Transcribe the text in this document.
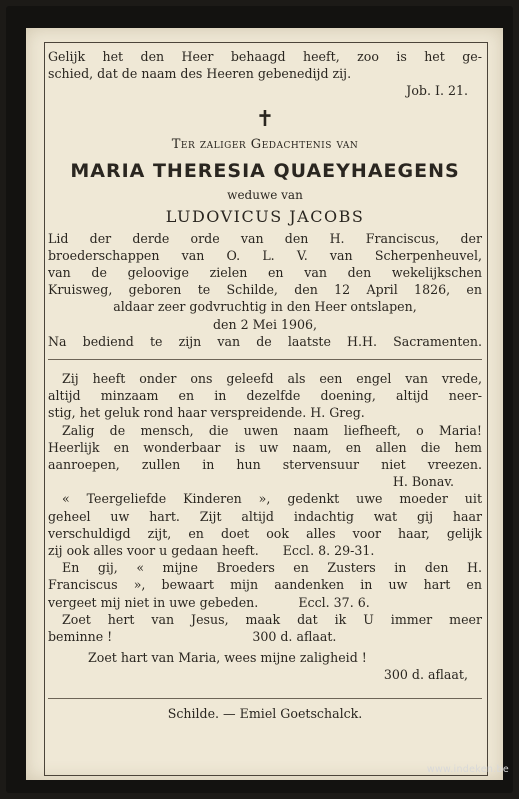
Gelijk het den Heer behaagd heeft, zoo is het ge-
schied, dat de naam des Heeren gebenedijd zij.
Job. I. 21.
✝
Ter zaliger Gedachtenis van
MARIA THERESIA QUAEYHAEGENS
weduwe van
LUDOVICUS JACOBS
Lid der derde orde van den H. Franciscus, der
broederschappen van O. L. V. van Scherpenheuvel,
van de geloovige zielen en van den wekelijkschen
Kruisweg, geboren te Schilde, den 12 April 1826, en
aldaar zeer godvruchtig in den Heer ontslapen,
den 2 Mei 1906,
Na bediend te zijn van de laatste H.H. Sacramenten.
Zij heeft onder ons geleefd als een engel van vrede,
altijd minzaam en in dezelfde doening, altijd neer-
stig, het geluk rond haar verspreidende. H. Greg.
Zalig de mensch, die uwen naam liefheeft, o Maria!
Heerlijk en wonderbaar is uw naam, en allen die hem
aanroepen, zullen in hun stervensuur niet vreezen.
H. Bonav.
« Teergeliefde Kinderen », gedenkt uwe moeder uit
geheel uw hart. Zijt altijd indachtig wat gij haar
verschuldigd zijt, en doet ook alles voor haar, gelijk
zij ook alles voor u gedaan heeft.      Eccl. 8. 29-31.
En gij, « mijne Broeders en Zusters in den H.
Franciscus », bewaart mijn aandenken in uw hart en
vergeet mij niet in uwe gebeden.          Eccl. 37. 6.
Zoet hert van Jesus, maak dat ik U immer meer
beminne !                                   300 d. aflaat.
Zoet hart van Maria, wees mijne zaligheid !
300 d. aflaat,
Schilde. — Emiel Goetschalck.
www.indeken.be
